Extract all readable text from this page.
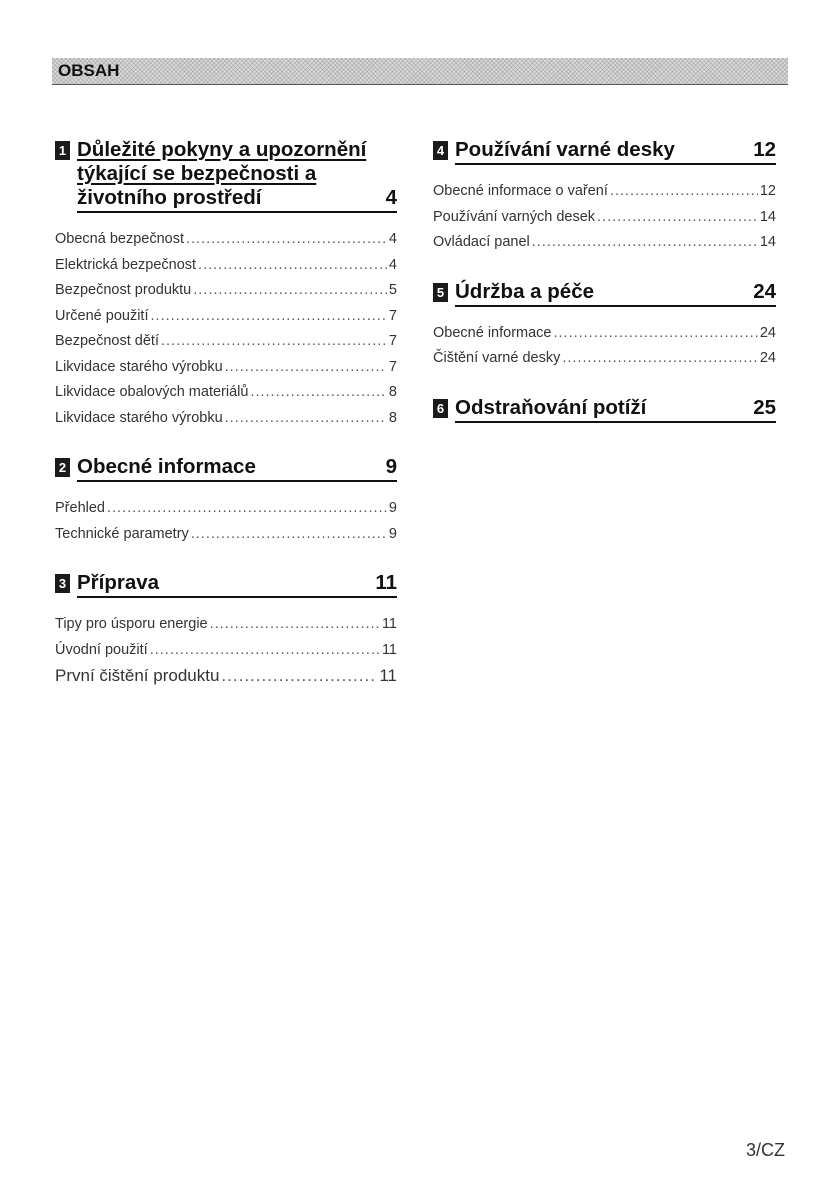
OBSAH
1 Důležité pokyny a upozornění
týkající se bezpečnosti a
životního prostředí	4
Obecná bezpečnost .....	4
Elektrická bezpečnost .....	4
Bezpečnost produktu .....	5
Určené použití .....	7
Bezpečnost dětí .....	7
Likvidace starého výrobku .....	7
Likvidace obalových materiálů .....	8
Likvidace starého výrobku .....	8
2 Obecné informace	9
Přehled .....	9
Technické parametry .....	9
3 Příprava	11
Tipy pro úsporu energie .....	11
Úvodní použití .....	11
První čištění produktu .....	11
4 Používání varné desky	12
Obecné informace o vaření .....	12
Používání varných desek .....	14
Ovládací panel .....	14
5 Údržba a péče	24
Obecné informace .....	24
Čištění varné desky .....	24
6 Odstraňování potíží	25
3/CZ
